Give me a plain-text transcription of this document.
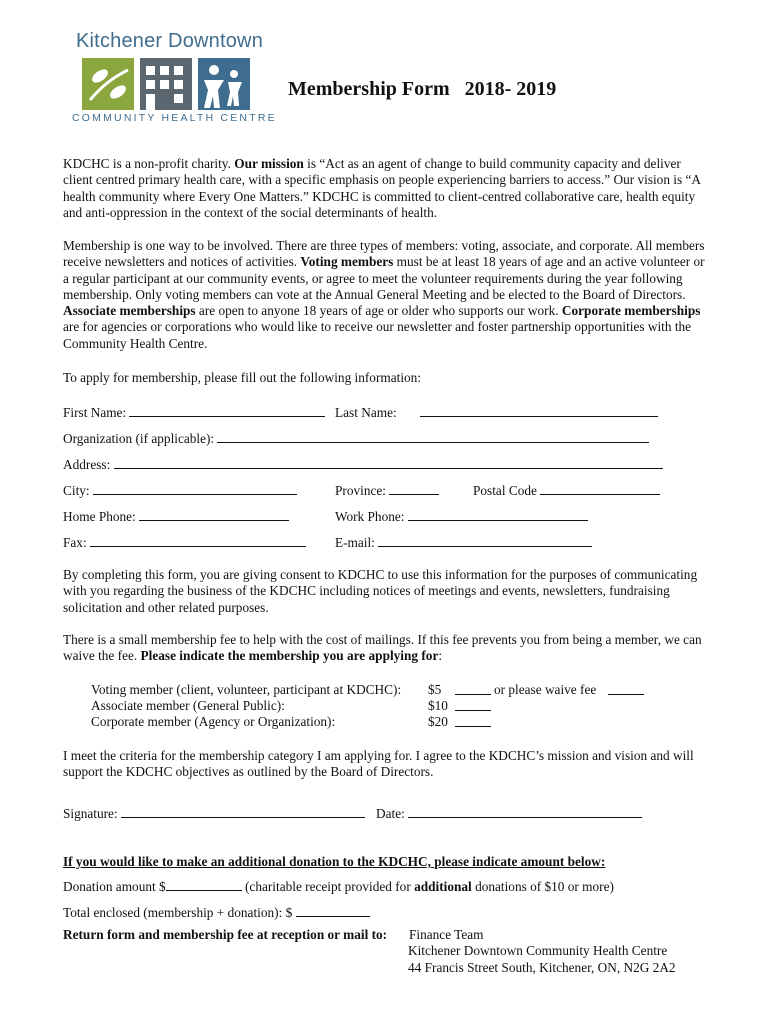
Kitchener Downtown
COMMUNITY HEALTH CENTRE
Membership Form 2018- 2019
KDCHC is a non-profit charity. Our mission is “Act as an agent of change to build community capacity and deliver client centred primary health care, with a specific emphasis on people experiencing barriers to access.” Our vision is “A health community where Every One Matters.” KDCHC is committed to client-centred collaborative care, health equity and anti-oppression in the context of the social determinants of health.
Membership is one way to be involved. There are three types of members: voting, associate, and corporate. All members receive newsletters and notices of activities. Voting members must be at least 18 years of age and an active volunteer or a regular participant at our community events, or agree to meet the volunteer requirements during the year following membership. Only voting members can vote at the Annual General Meeting and be elected to the Board of Directors. Associate memberships are open to anyone 18 years of age or older who supports our work. Corporate memberships are for agencies or corporations who would like to receive our newsletter and foster partnership opportunities with the Community Health Centre.
To apply for membership, please fill out the following information:
First Name:	Last Name:
Organization (if applicable):
Address:
City:	Province:	Postal Code
Home Phone:	Work Phone:
Fax:	E-mail:
By completing this form, you are giving consent to KDCHC to use this information for the purposes of communicating with you regarding the business of the KDCHC including notices of meetings and events, newsletters, fundraising solicitation and other related purposes.
There is a small membership fee to help with the cost of mailings. If this fee prevents you from being a member, we can waive the fee. Please indicate the membership you are applying for:
Voting member (client, volunteer, participant at KDCHC): $5	or please waive fee
Associate member (General Public):	$10
Corporate member (Agency or Organization):	$20
I meet the criteria for the membership category I am applying for. I agree to the KDCHC’s mission and vision and will support the KDCHC objectives as outlined by the Board of Directors.
Signature:	Date:
If you would like to make an additional donation to the KDCHC, please indicate amount below:
Donation amount $	(charitable receipt provided for additional donations of $10 or more)
Total enclosed (membership + donation): $
Return form and membership fee at reception or mail to: Finance Team
Kitchener Downtown Community Health Centre
44 Francis Street South, Kitchener, ON, N2G 2A2
